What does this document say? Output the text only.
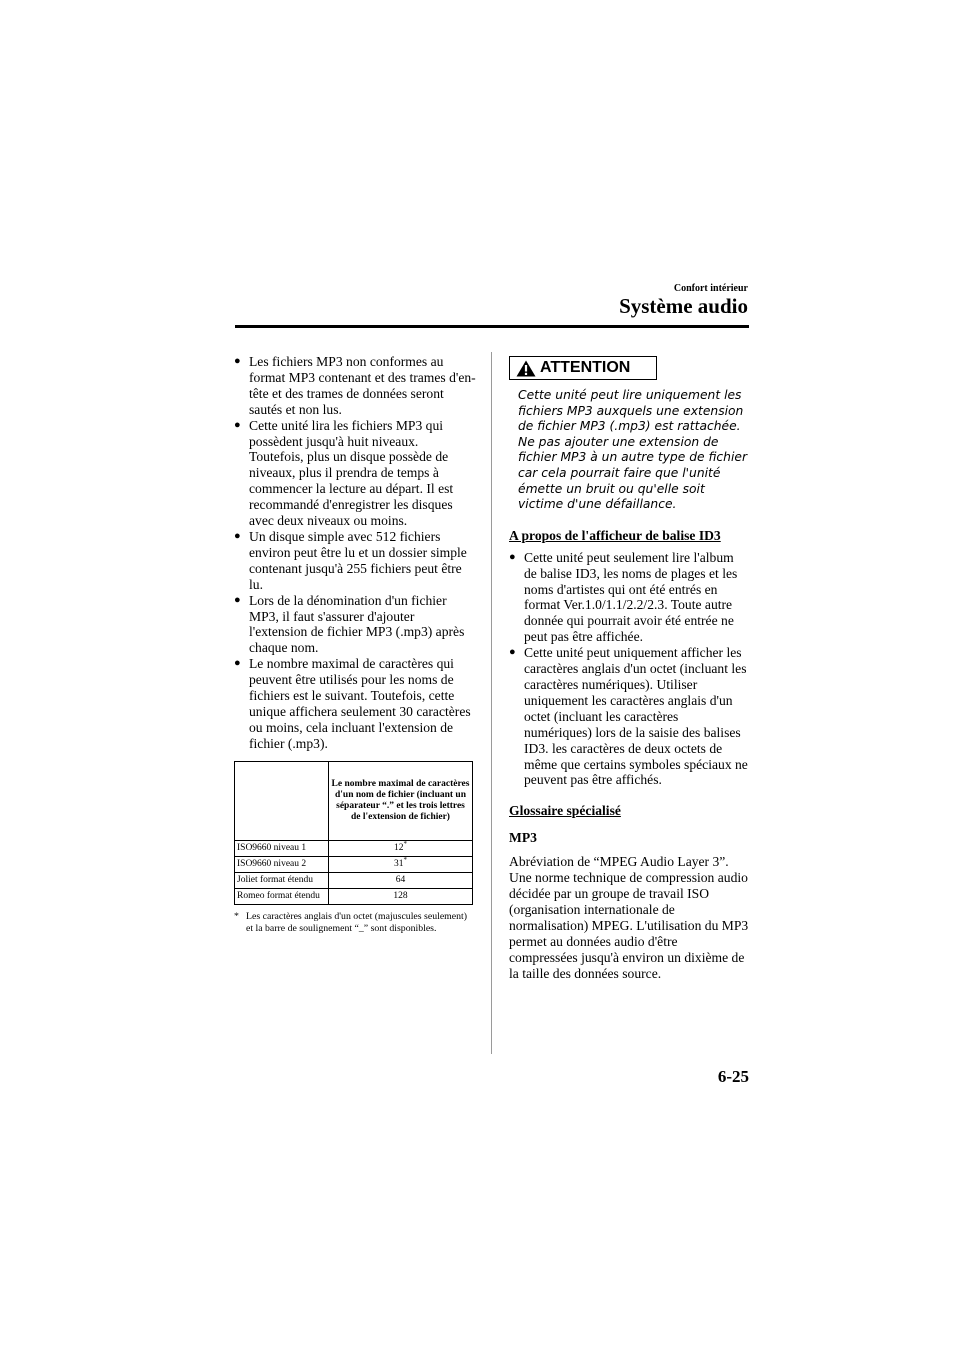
Confort intérieur
Système audio
● Les fichiers MP3 non conformes au format MP3 contenant et des trames d'en-tête et des trames de données seront sautés et non lus.
● Cette unité lira les fichiers MP3 qui possèdent jusqu'à huit niveaux. Toutefois, plus un disque possède de niveaux, plus il prendra de temps à commencer la lecture au départ. Il est recommandé d'enregistrer les disques avec deux niveaux ou moins.
● Un disque simple avec 512 fichiers environ peut être lu et un dossier simple contenant jusqu'à 255 fichiers peut être lu.
● Lors de la dénomination d'un fichier MP3, il faut s'assurer d'ajouter l'extension de fichier MP3 (.mp3) après chaque nom.
● Le nombre maximal de caractères qui peuvent être utilisés pour les noms de fichiers est le suivant. Toutefois, cette unique affichera seulement 30 caractères ou moins, cela incluant l'extension de fichier (.mp3).
	Le nombre maximal de caractères d'un nom de fichier (incluant un séparateur “.” et les trois lettres de l'extension de fichier)
ISO9660 niveau 1	12*
ISO9660 niveau 2	31*
Joliet format étendu	64
Romeo format étendu	128
* Les caractères anglais d'un octet (majuscules seulement) et la barre de soulignement “_” sont disponibles.
ATTENTION
Cette unité peut lire uniquement les fichiers MP3 auxquels une extension de fichier MP3 (.mp3) est rattachée. Ne pas ajouter une extension de fichier MP3 à un autre type de fichier car cela pourrait faire que l'unité émette un bruit ou qu'elle soit victime d'une défaillance.
A propos de l'afficheur de balise ID3
● Cette unité peut seulement lire l'album de balise ID3, les noms de plages et les noms d'artistes qui ont été entrés en format Ver.1.0/1.1/2.2/2.3. Toute autre donnée qui pourrait avoir été entrée ne peut pas être affichée.
● Cette unité peut uniquement afficher les caractères anglais d'un octet (incluant les caractères numériques). Utiliser uniquement les caractères anglais d'un octet (incluant les caractères numériques) lors de la saisie des balises ID3. les caractères de deux octets de même que certains symboles spéciaux ne peuvent pas être affichés.
Glossaire spécialisé
MP3
Abréviation de “MPEG Audio Layer 3”. Une norme technique de compression audio décidée par un groupe de travail ISO (organisation internationale de normalisation) MPEG. L'utilisation du MP3 permet au données audio d'être compressées jusqu'à environ un dixième de la taille des données source.
6-25
